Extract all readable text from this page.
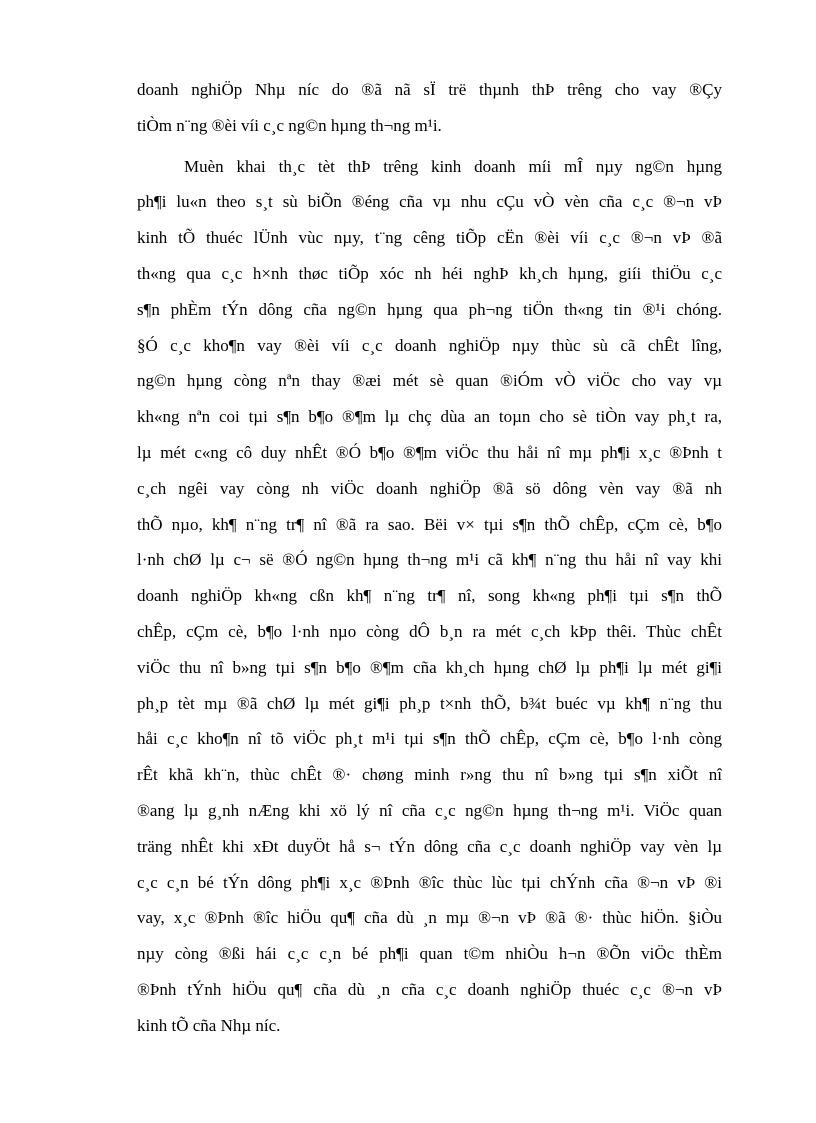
doanh nghiÖp Nhµ níc do ®ã nã sÏ trë thµnh thÞ trêng cho vay ®Çy
tiÒm n¨ng ®èi víi c¸c ng©n hµng th¬ng m¹i.
Muèn khai th¸c tèt thÞ trêng kinh doanh míi mÎ nµy ng©n hµng
ph¶i lu«n theo s¸t sù biÕn ®éng cña vµ nhu cÇu vÒ vèn cña c¸c ®¬n vÞ
kinh tÕ thuéc lÜnh vùc nµy, t¨ng cêng tiÕp cËn ®èi víi c¸c ®¬n vÞ ®ã
th«ng qua c¸c h×nh thøc tiÕp xóc nh héi nghÞ kh¸ch hµng, giíi thiÖu c¸c
s¶n phÈm tÝn dông cña ng©n hµng qua ph¬ng tiÖn th«ng tin ®¹i chóng.
§Ó c¸c kho¶n vay ®èi víi c¸c doanh nghiÖp nµy thùc sù cã chÊt lîng,
ng©n hµng còng nªn thay ®æi mét sè quan ®iÓm vÒ viÖc cho vay vµ
kh«ng nªn coi tµi s¶n b¶o ®¶m lµ chç dùa an toµn cho sè tiÒn vay ph¸t ra,
lµ mét c«ng cô duy nhÊt ®Ó b¶o ®¶m viÖc thu håi nî mµ ph¶i x¸c ®Þnh t
c¸ch ngêi vay còng nh viÖc doanh nghiÖp ®ã sö dông vèn vay ®ã nh
thÕ nµo, kh¶ n¨ng tr¶ nî ®ã ra sao. Bëi v× tµi s¶n thÕ chÊp, cÇm cè, b¶o
l·nh chØ lµ c¬ së ®Ó ng©n hµng th¬ng m¹i cã kh¶ n¨ng thu håi nî vay khi
doanh nghiÖp kh«ng cßn kh¶ n¨ng tr¶ nî, song kh«ng ph¶i tµi s¶n thÕ
chÊp, cÇm cè, b¶o l·nh nµo còng dÔ b¸n ra mét c¸ch kÞp thêi. Thùc chÊt
viÖc thu nî b»ng tµi s¶n b¶o ®¶m cña kh¸ch hµng chØ lµ ph¶i lµ mét gi¶i
ph¸p tèt mµ ®ã chØ lµ mét gi¶i ph¸p t×nh thÕ, b¾t buéc vµ kh¶ n¨ng thu
håi c¸c kho¶n nî tõ viÖc ph¸t m¹i tµi s¶n thÕ chÊp, cÇm cè, b¶o l·nh còng
rÊt khã kh¨n, thùc chÊt ®· chøng minh r»ng thu nî b»ng tµi s¶n xiÕt nî
®ang lµ g¸nh nÆng khi xö lý nî cña c¸c ng©n hµng th¬ng m¹i. ViÖc quan
träng nhÊt khi xÐt duyÖt hå s¬ tÝn dông cña c¸c doanh nghiÖp vay vèn lµ
c¸c c¸n bé tÝn dông ph¶i x¸c ®Þnh ®îc thùc lùc tµi chÝnh cña ®¬n vÞ ®i
vay, x¸c ®Þnh ®îc hiÖu qu¶ cña dù ¸n mµ ®¬n vÞ ®ã ®· thùc hiÖn. §iÒu
nµy còng ®ßi hái c¸c c¸n bé ph¶i quan t©m nhiÒu h¬n ®Õn viÖc thÈm
®Þnh tÝnh hiÖu qu¶ cña dù ¸n cña c¸c doanh nghiÖp thuéc c¸c ®¬n vÞ
kinh tÕ cña Nhµ níc.
